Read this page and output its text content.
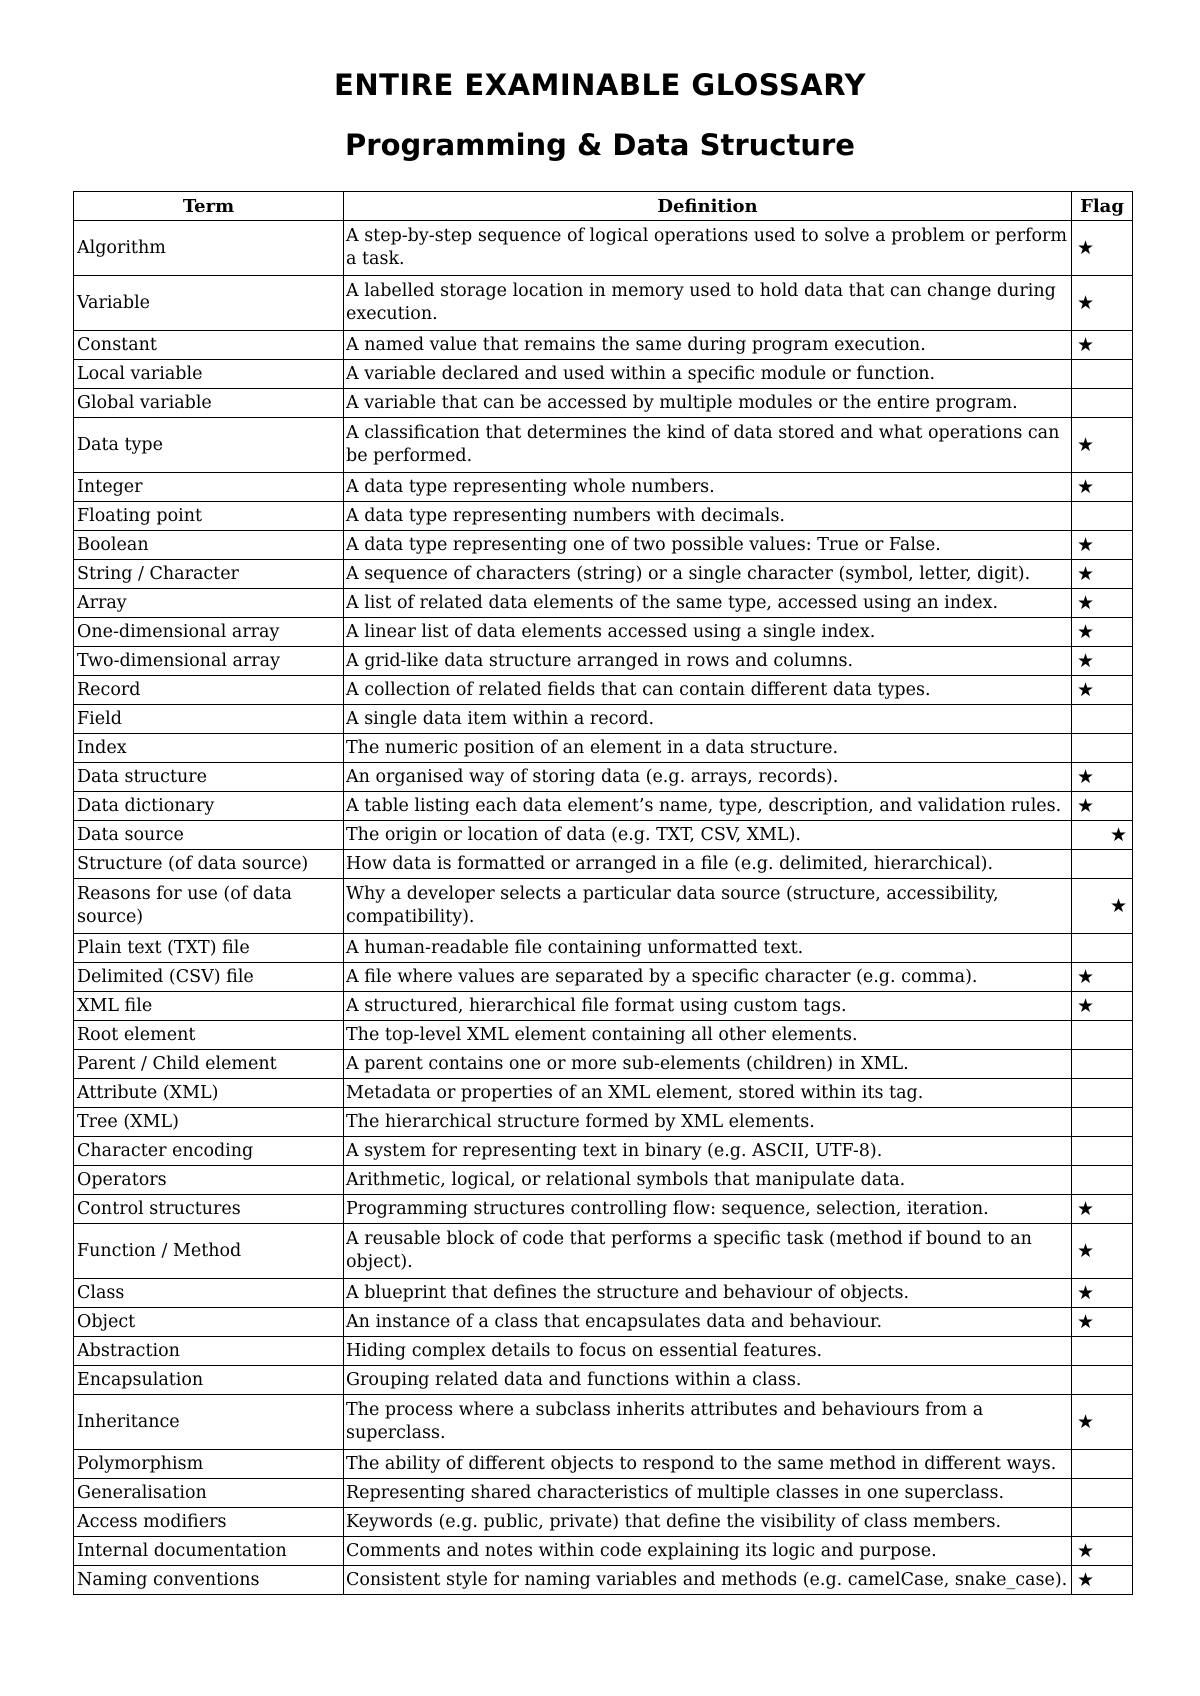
ENTIRE EXAMINABLE GLOSSARY
Programming & Data Structure
Term	Definition	Flag
Algorithm	A step-by-step sequence of logical operations used to solve a problem or perform a task.	★
Variable	A labelled storage location in memory used to hold data that can change during execution.	★
Constant	A named value that remains the same during program execution.	★
Local variable	A variable declared and used within a specific module or function.	
Global variable	A variable that can be accessed by multiple modules or the entire program.	
Data type	A classification that determines the kind of data stored and what operations can be performed.	★
Integer	A data type representing whole numbers.	★
Floating point	A data type representing numbers with decimals.	
Boolean	A data type representing one of two possible values: True or False.	★
String / Character	A sequence of characters (string) or a single character (symbol, letter, digit).	★
Array	A list of related data elements of the same type, accessed using an index.	★
One-dimensional array	A linear list of data elements accessed using a single index.	★
Two-dimensional array	A grid-like data structure arranged in rows and columns.	★
Record	A collection of related fields that can contain different data types.	★
Field	A single data item within a record.	
Index	The numeric position of an element in a data structure.	
Data structure	An organised way of storing data (e.g. arrays, records).	★
Data dictionary	A table listing each data element’s name, type, description, and validation rules.	★
Data source	The origin or location of data (e.g. TXT, CSV, XML).	★
Structure (of data source)	How data is formatted or arranged in a file (e.g. delimited, hierarchical).	
Reasons for use (of data source)	Why a developer selects a particular data source (structure, accessibility, compatibility).	★
Plain text (TXT) file	A human-readable file containing unformatted text.	
Delimited (CSV) file	A file where values are separated by a specific character (e.g. comma).	★
XML file	A structured, hierarchical file format using custom tags.	★
Root element	The top-level XML element containing all other elements.	
Parent / Child element	A parent contains one or more sub-elements (children) in XML.	
Attribute (XML)	Metadata or properties of an XML element, stored within its tag.	
Tree (XML)	The hierarchical structure formed by XML elements.	
Character encoding	A system for representing text in binary (e.g. ASCII, UTF-8).	
Operators	Arithmetic, logical, or relational symbols that manipulate data.	
Control structures	Programming structures controlling flow: sequence, selection, iteration.	★
Function / Method	A reusable block of code that performs a specific task (method if bound to an object).	★
Class	A blueprint that defines the structure and behaviour of objects.	★
Object	An instance of a class that encapsulates data and behaviour.	★
Abstraction	Hiding complex details to focus on essential features.	
Encapsulation	Grouping related data and functions within a class.	
Inheritance	The process where a subclass inherits attributes and behaviours from a superclass.	★
Polymorphism	The ability of different objects to respond to the same method in different ways.	
Generalisation	Representing shared characteristics of multiple classes in one superclass.	
Access modifiers	Keywords (e.g. public, private) that define the visibility of class members.	
Internal documentation	Comments and notes within code explaining its logic and purpose.	★
Naming conventions	Consistent style for naming variables and methods (e.g. camelCase, snake_case).	★
